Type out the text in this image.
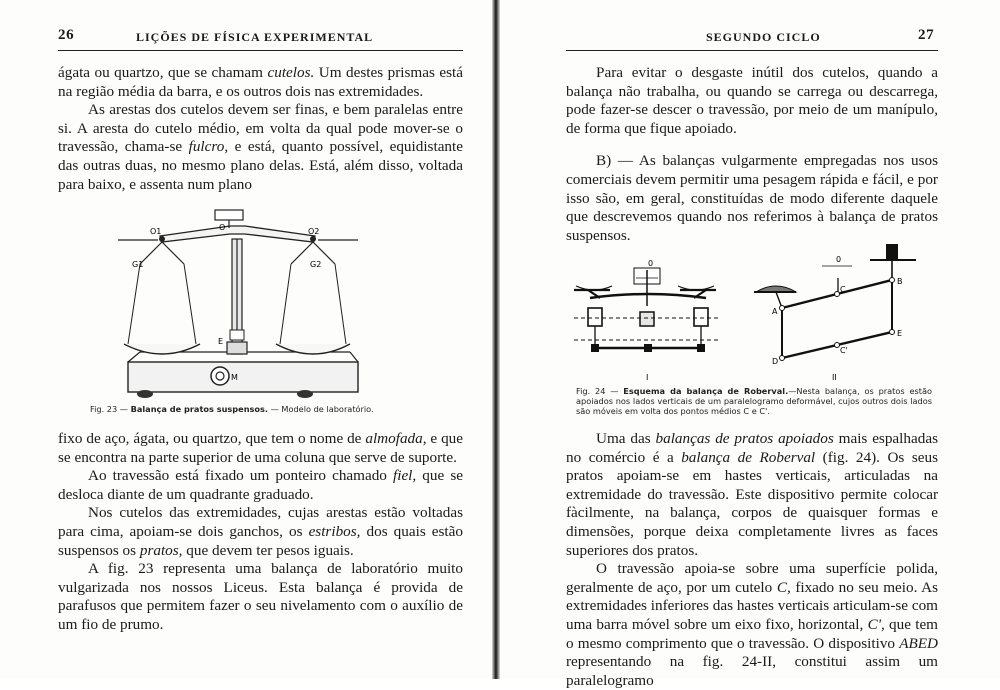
26	LIÇÕES DE FÍSICA EXPERIMENTAL

ágata ou quartzo, que se chamam cutelos. Um destes prismas está na região média da barra, e os outros dois nas extremidades.

As arestas dos cutelos devem ser finas, e bem paralelas entre si. A aresta do cutelo médio, em volta da qual pode mover-se o travessão, chama-se fulcro, e está, quanto possível, equidistante das outras duas, no mesmo plano delas. Está, além disso, voltada para baixo, e assenta num plano

O1	O	O2
G1	G2
E
M
Fig. 23 — Balança de pratos suspensos. — Modelo de laboratório.

fixo de aço, ágata, ou quartzo, que tem o nome de almofada, e que se encontra na parte superior de uma coluna que serve de suporte.

Ao travessão está fixado um ponteiro chamado fiel, que se desloca diante de um quadrante graduado.

Nos cutelos das extremidades, cujas arestas estão voltadas para cima, apoiam-se dois ganchos, os estribos, dos quais estão suspensos os pratos, que devem ter pesos iguais.

A fig. 23 representa uma balança de laboratório muito vulgarizada nos nossos Liceus. Esta balança é provida de parafusos que permitem fazer o seu nivelamento com o auxílio de um fio de prumo.

SEGUNDO CICLO	27

Para evitar o desgaste inútil dos cutelos, quando a balança não trabalha, ou quando se carrega ou descarrega, pode fazer-se descer o travessão, por meio de um manípulo, de forma que fique apoiado.

B) — As balanças vulgarmente empregadas nos usos comerciais devem permitir uma pesagem rápida e fácil, e por isso são, em geral, constituídas de modo diferente daquele que descrevemos quando nos referimos à balança de pratos suspensos.

0
I
0
A
B
C
C'
D
E
II
Fig. 24 — Esquema da balança de Roberval.—Nesta balança, os pratos estão apoiados nos lados verticais de um paralelogramo deformável, cujos outros dois lados são móveis em volta dos pontos médios C e C'.

Uma das balanças de pratos apoiados mais espalhadas no comércio é a balança de Roberval (fig. 24). Os seus pratos apoiam-se em hastes verticais, articuladas na extremidade do travessão. Este dispositivo permite colocar fàcilmente, na balança, corpos de quaisquer formas e dimensões, porque deixa completamente livres as faces superiores dos pratos.

O travessão apoia-se sobre uma superfície polida, geralmente de aço, por um cutelo C, fixado no seu meio. As extremidades inferiores das hastes verticais articulam-se com uma barra móvel sobre um eixo fixo, horizontal, C', que tem o mesmo comprimento que o travessão. O dispositivo ABED representando na fig. 24-II, constitui assim um paralelogramo
